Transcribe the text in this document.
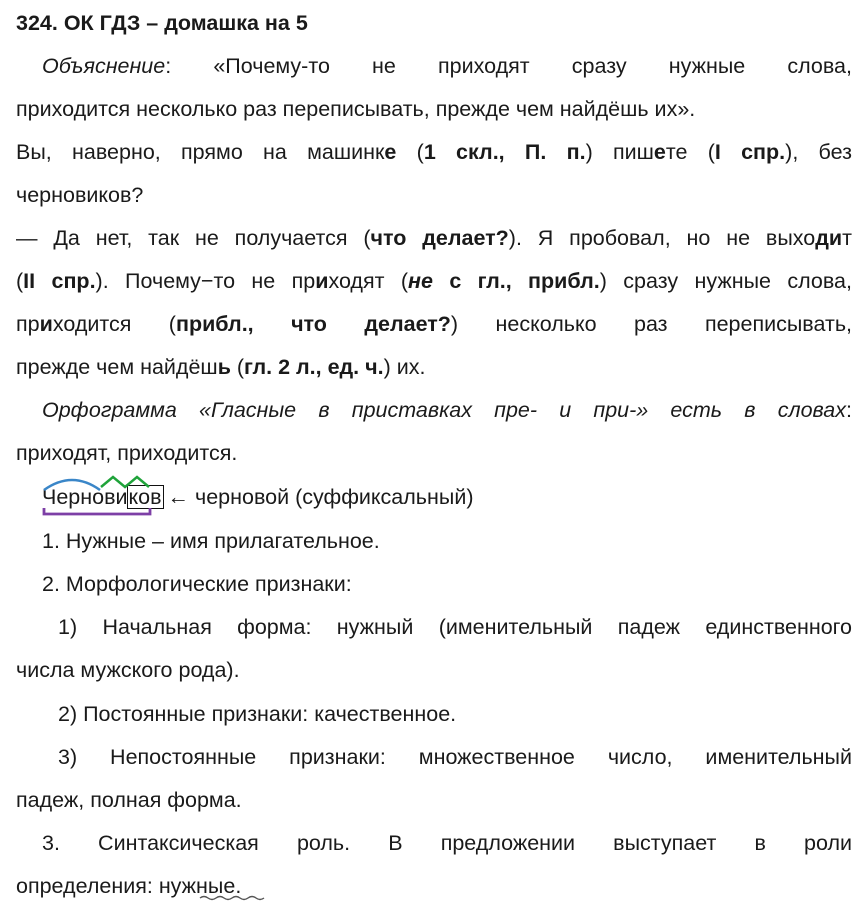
324. ОК ГДЗ – домашка на 5
Объяснение: «Почему-то не приходят сразу нужные слова,
приходится несколько раз переписывать, прежде чем найдёшь их».
Вы, наверно, прямо на машинке (1 скл., П. п.) пишете (I спр.), без
черновиков?
— Да нет, так не получается (что делает?). Я пробовал, но не выходит
(II спр.). Почему−то не приходят (не с гл., прибл.) сразу нужные слова,
приходится (прибл., что делает?) несколько раз переписывать,
прежде чем найдёшь (гл. 2 л., ед. ч.) их.
Орфограмма «Гласные в приставках пре- и при-» есть в словах:
приходят, приходится.
Черновиков ← черновой (суффиксальный)
1. Нужные – имя прилагательное.
2. Морфологические признаки:
1) Начальная форма: нужный (именительный падеж единственного
числа мужского рода).
2) Постоянные признаки: качественное.
3) Непостоянные признаки: множественное число, именительный
падеж, полная форма.
3. Синтаксическая роль. В предложении выступает в роли
определения: нужные.
